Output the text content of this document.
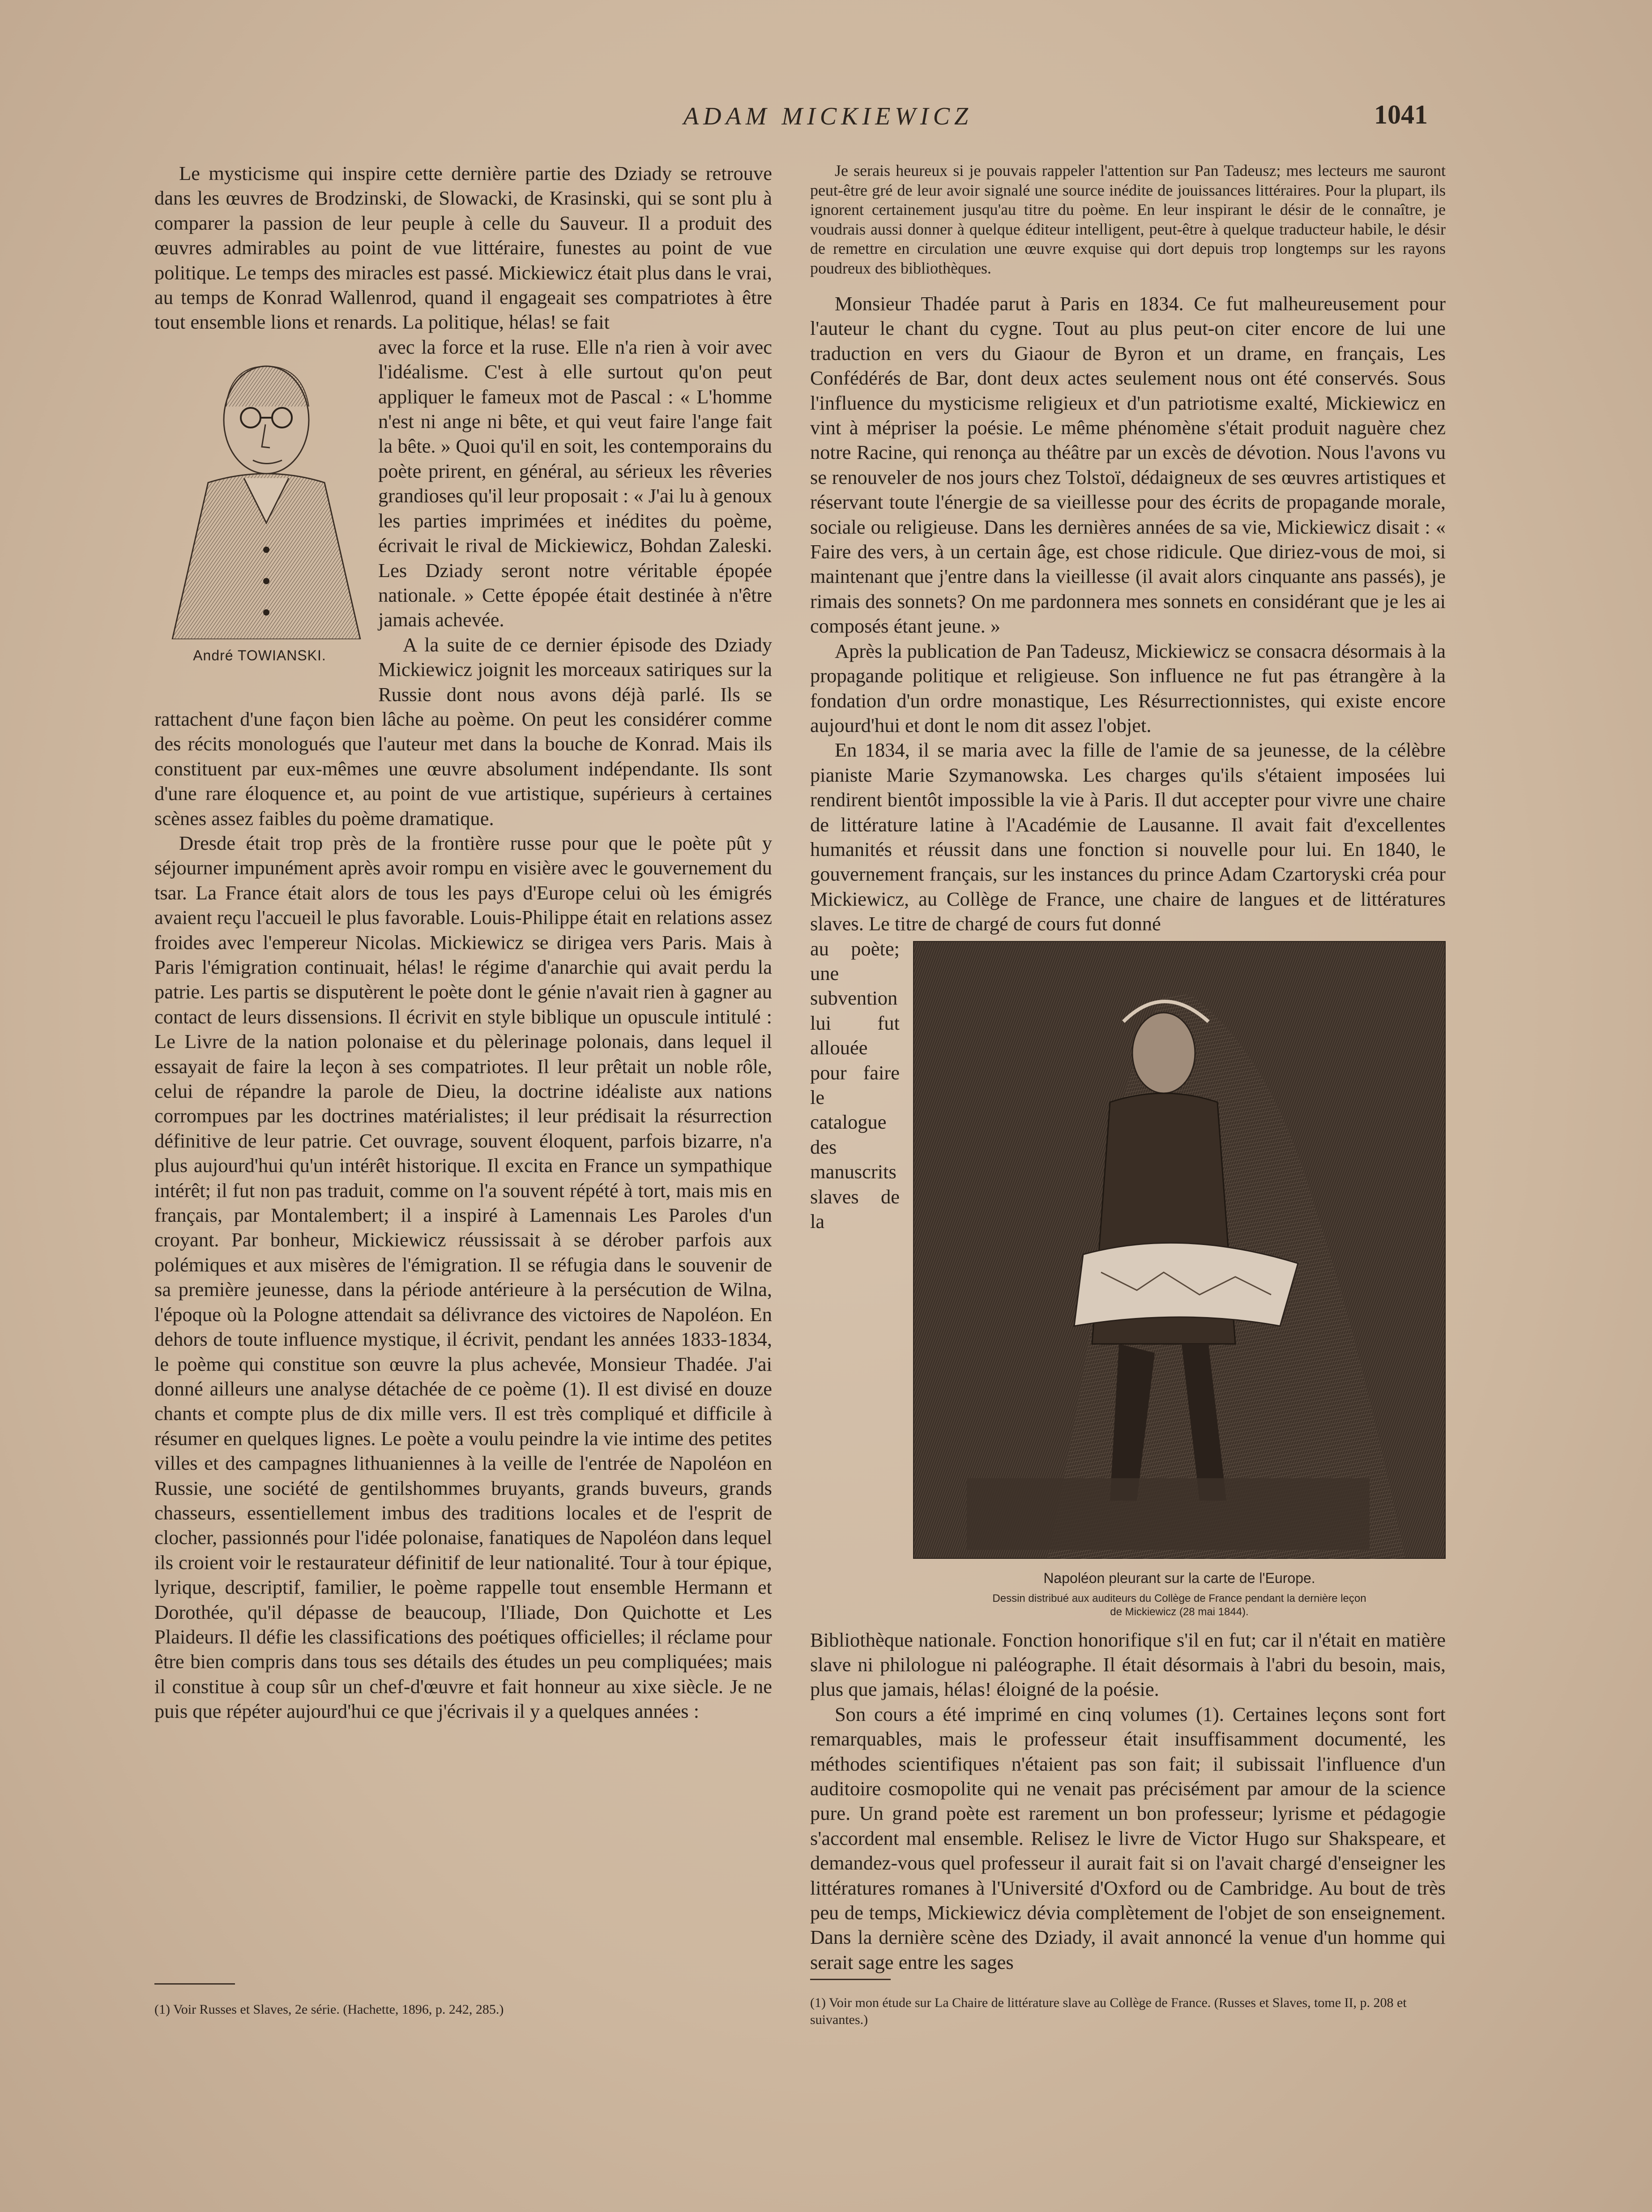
ADAM MICKIEWICZ	1041

Le mysticisme qui inspire cette dernière partie des Dziady se retrouve dans les œuvres de Brodzinski, de Slowacki, de Krasinski, qui se sont plu à comparer la passion de leur peuple à celle du Sauveur. Il a produit des œuvres admirables au point de vue littéraire, funestes au point de vue politique. Le temps des miracles est passé. Mickiewicz était plus dans le vrai, au temps de Konrad Wallenrod, quand il engageait ses compatriotes à être tout ensemble lions et renards. La politique, hélas! se fait

André TOWIANSKI.

avec la force et la ruse. Elle n'a rien à voir avec l'idéalisme. C'est à elle surtout qu'on peut appliquer le fameux mot de Pascal : « L'homme n'est ni ange ni bête, et qui veut faire l'ange fait la bête. » Quoi qu'il en soit, les contemporains du poète prirent, en général, au sérieux les rêveries grandioses qu'il leur proposait : « J'ai lu à genoux les parties imprimées et inédites du poème, écrivait le rival de Mickiewicz, Bohdan Zaleski. Les Dziady seront notre véritable épopée nationale. » Cette épopée était destinée à n'être jamais achevée.

A la suite de ce dernier épisode des Dziady Mickiewicz joignit les morceaux satiriques sur la Russie dont nous avons déjà parlé. Ils se rattachent d'une façon bien lâche au poème. On peut les considérer comme des récits monologués que l'auteur met dans la bouche de Konrad. Mais ils constituent par eux-mêmes une œuvre absolument indépendante. Ils sont d'une rare éloquence et, au point de vue artistique, supérieurs à certaines scènes assez faibles du poème dramatique.

Dresde était trop près de la frontière russe pour que le poète pût y séjourner impunément après avoir rompu en visière avec le gouvernement du tsar. La France était alors de tous les pays d'Europe celui où les émigrés avaient reçu l'accueil le plus favorable. Louis-Philippe était en relations assez froides avec l'empereur Nicolas. Mickiewicz se dirigea vers Paris. Mais à Paris l'émigration continuait, hélas! le régime d'anarchie qui avait perdu la patrie. Les partis se disputèrent le poète dont le génie n'avait rien à gagner au contact de leurs dissensions. Il écrivit en style biblique un opuscule intitulé : Le Livre de la nation polonaise et du pèlerinage polonais, dans lequel il essayait de faire la leçon à ses compatriotes. Il leur prêtait un noble rôle, celui de répandre la parole de Dieu, la doctrine idéaliste aux nations corrompues par les doctrines matérialistes; il leur prédisait la résurrection définitive de leur patrie. Cet ouvrage, souvent éloquent, parfois bizarre, n'a plus aujourd'hui qu'un intérêt historique. Il excita en France un sympathique intérêt; il fut non pas traduit, comme on l'a souvent répété à tort, mais mis en français, par Montalembert; il a inspiré à Lamennais Les Paroles d'un croyant. Par bonheur, Mickiewicz réussissait à se dérober parfois aux polémiques et aux misères de l'émigration. Il se réfugia dans le souvenir de sa première jeunesse, dans la période antérieure à la persécution de Wilna, l'époque où la Pologne attendait sa délivrance des victoires de Napoléon. En dehors de toute influence mystique, il écrivit, pendant les années 1833-1834, le poème qui constitue son œuvre la plus achevée, Monsieur Thadée. J'ai donné ailleurs une analyse détachée de ce poème (1). Il est divisé en douze chants et compte plus de dix mille vers. Il est très compliqué et difficile à résumer en quelques lignes. Le poète a voulu peindre la vie intime des petites villes et des campagnes lithuaniennes à la veille de l'entrée de Napoléon en Russie, une société de gentilshommes bruyants, grands buveurs, grands chasseurs, essentiellement imbus des traditions locales et de l'esprit de clocher, passionnés pour l'idée polonaise, fanatiques de Napoléon dans lequel ils croient voir le restaurateur définitif de leur nationalité. Tour à tour épique, lyrique, descriptif, familier, le poème rappelle tout ensemble Hermann et Dorothée, qu'il dépasse de beaucoup, l'Iliade, Don Quichotte et Les Plaideurs. Il défie les classifications des poétiques officielles; il réclame pour être bien compris dans tous ses détails des études un peu compliquées; mais il constitue à coup sûr un chef-d'œuvre et fait honneur au xixe siècle. Je ne puis que répéter aujourd'hui ce que j'écrivais il y a quelques années :

Je serais heureux si je pouvais rappeler l'attention sur Pan Tadeusz; mes lecteurs me sauront peut-être gré de leur avoir signalé une source inédite de jouissances littéraires. Pour la plupart, ils ignorent certainement jusqu'au titre du poème. En leur inspirant le désir de le connaître, je voudrais aussi donner à quelque éditeur intelligent, peut-être à quelque traducteur habile, le désir de remettre en circulation une œuvre exquise qui dort depuis trop longtemps sur les rayons poudreux des bibliothèques.

Monsieur Thadée parut à Paris en 1834. Ce fut malheureusement pour l'auteur le chant du cygne. Tout au plus peut-on citer encore de lui une traduction en vers du Giaour de Byron et un drame, en français, Les Confédérés de Bar, dont deux actes seulement nous ont été conservés. Sous l'influence du mysticisme religieux et d'un patriotisme exalté, Mickiewicz en vint à mépriser la poésie. Le même phénomène s'était produit naguère chez notre Racine, qui renonça au théâtre par un excès de dévotion. Nous l'avons vu se renouveler de nos jours chez Tolstoï, dédaigneux de ses œuvres artistiques et réservant toute l'énergie de sa vieillesse pour des écrits de propagande morale, sociale ou religieuse. Dans les dernières années de sa vie, Mickiewicz disait : « Faire des vers, à un certain âge, est chose ridicule. Que diriez-vous de moi, si maintenant que j'entre dans la vieillesse (il avait alors cinquante ans passés), je rimais des sonnets? On me pardonnera mes sonnets en considérant que je les ai composés étant jeune. »

Après la publication de Pan Tadeusz, Mickiewicz se consacra désormais à la propagande politique et religieuse. Son influence ne fut pas étrangère à la fondation d'un ordre monastique, Les Résurrectionnistes, qui existe encore aujourd'hui et dont le nom dit assez l'objet.

En 1834, il se maria avec la fille de l'amie de sa jeunesse, de la célèbre pianiste Marie Szymanowska. Les charges qu'ils s'étaient imposées lui rendirent bientôt impossible la vie à Paris. Il dut accepter pour vivre une chaire de littérature latine à l'Académie de Lausanne. Il avait fait d'excellentes humanités et réussit dans une fonction si nouvelle pour lui. En 1840, le gouvernement français, sur les instances du prince Adam Czartoryski créa pour Mickiewicz, au Collège de France, une chaire de langues et de littératures slaves. Le titre de chargé de cours fut donné

Napoléon pleurant sur la carte de l'Europe.
Dessin distribué aux auditeurs du Collège de France pendant la dernière leçon de Mickiewicz (28 mai 1844).

au poète; une subvention lui fut allouée pour faire le catalogue des manuscrits slaves de la Bibliothèque nationale. Fonction honorifique s'il en fut; car il n'était en matière slave ni philologue ni paléographe. Il était désormais à l'abri du besoin, mais, plus que jamais, hélas! éloigné de la poésie.

Son cours a été imprimé en cinq volumes (1). Certaines leçons sont fort remarquables, mais le professeur était insuffisamment documenté, les méthodes scientifiques n'étaient pas son fait; il subissait l'influence d'un auditoire cosmopolite qui ne venait pas précisément par amour de la science pure. Un grand poète est rarement un bon professeur; lyrisme et pédagogie s'accordent mal ensemble. Relisez le livre de Victor Hugo sur Shakspeare, et demandez-vous quel professeur il aurait fait si on l'avait chargé d'enseigner les littératures romanes à l'Université d'Oxford ou de Cambridge. Au bout de très peu de temps, Mickiewicz dévia complètement de l'objet de son enseignement. Dans la dernière scène des Dziady, il avait annoncé la venue d'un homme qui serait sage entre les sages

(1) Voir Russes et Slaves, 2e série. (Hachette, 1896, p. 242, 285.)	(1) Voir mon étude sur La Chaire de littérature slave au Collège de France. (Russes et Slaves, tome II, p. 208 et suivantes.)
